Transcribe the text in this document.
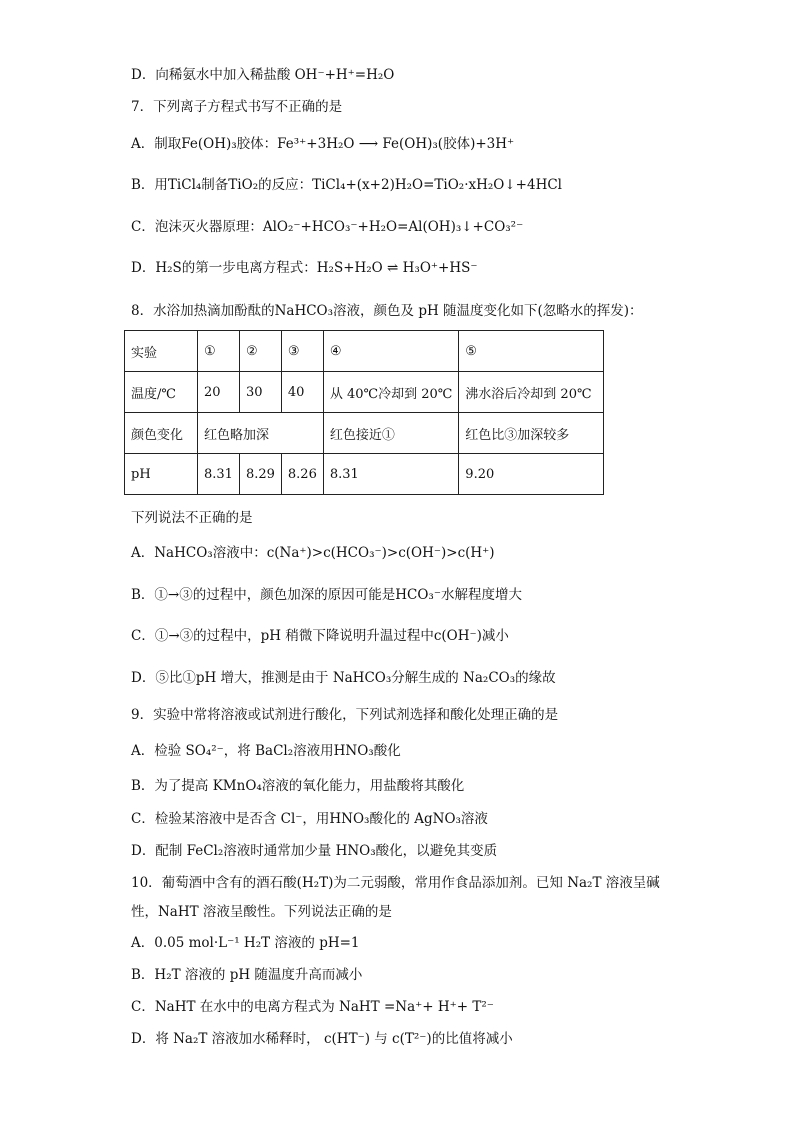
D．向稀氨水中加入稀盐酸 OH⁻+H⁺=H₂O
7．下列离子方程式书写不正确的是
A．制取Fe(OH)₃胶体：Fe³⁺+3H₂O ⟶ Fe(OH)₃(胶体)+3H⁺
B．用TiCl₄制备TiO₂的反应：TiCl₄+(x+2)H₂O=TiO₂·xH₂O↓+4HCl
C．泡沫灭火器原理：AlO₂⁻+HCO₃⁻+H₂O=Al(OH)₃↓+CO₃²⁻
D．H₂S的第一步电离方程式：H₂S+H₂O ⇌ H₃O⁺+HS⁻
8．水浴加热滴加酚酞的NaHCO₃溶液，颜色及 pH 随温度变化如下(忽略水的挥发)：
实验	①	②	③	④	⑤
温度/℃	20	30	40	从 40℃冷却到 20℃	沸水浴后冷却到 20℃
颜色变化	红色略加深			红色接近①	红色比③加深较多
pH	8.31	8.29	8.26	8.31	9.20
下列说法不正确的是
A．NaHCO₃溶液中：c(Na⁺)>c(HCO₃⁻)>c(OH⁻)>c(H⁺)
B．①→③的过程中，颜色加深的原因可能是HCO₃⁻水解程度增大
C．①→③的过程中，pH 稍微下降说明升温过程中c(OH⁻)减小
D．⑤比①pH 增大，推测是由于 NaHCO₃分解生成的 Na₂CO₃的缘故
9．实验中常将溶液或试剂进行酸化，下列试剂选择和酸化处理正确的是
A．检验 SO₄²⁻，将 BaCl₂溶液用HNO₃酸化
B．为了提高 KMnO₄溶液的氧化能力，用盐酸将其酸化
C．检验某溶液中是否含 Cl⁻，用HNO₃酸化的 AgNO₃溶液
D．配制 FeCl₂溶液时通常加少量 HNO₃酸化，以避免其变质
10．葡萄酒中含有的酒石酸(H₂T)为二元弱酸，常用作食品添加剂。已知 Na₂T 溶液呈碱
性，NaHT 溶液呈酸性。下列说法正确的是
A．0.05 mol·L⁻¹ H₂T 溶液的 pH=1
B．H₂T 溶液的 pH 随温度升高而减小
C．NaHT 在水中的电离方程式为 NaHT =Na⁺+ H⁺+ T²⁻
D．将 Na₂T 溶液加水稀释时， c(HT⁻) 与 c(T²⁻)的比值将减小
